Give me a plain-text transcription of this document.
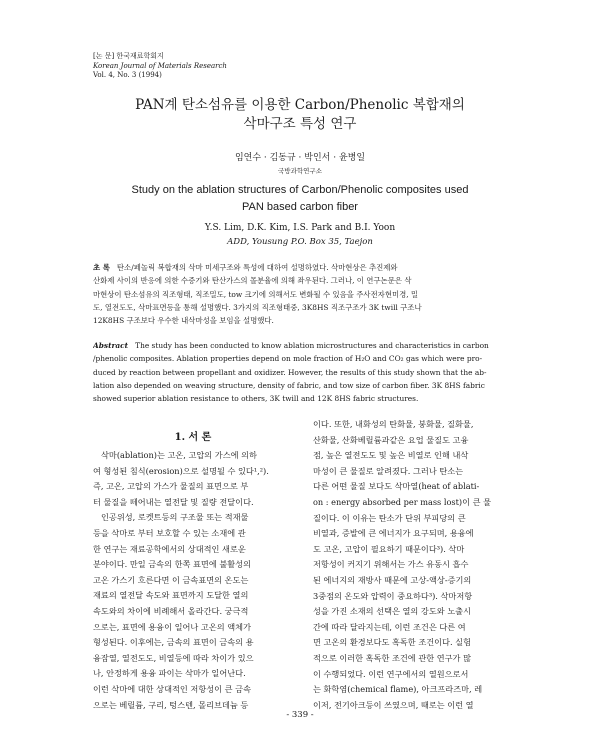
[논 문] 한국재료학회지
Korean Journal of Materials Research
Vol. 4, No. 3 (1994)
PAN계 탄소섬유를 이용한 Carbon/Phenolic 복합재의
삭마구조 특성 연구
임연수 · 김동규 · 박인서 · 윤병일
국방과학연구소
Study on the ablation structures of Carbon/Phenolic composites used
PAN based carbon fiber
Y.S. Lim, D.K. Kim, I.S. Park and B.I. Yoon
ADD, Yousung P.O. Box 35, Taejon
초 록 탄소/페놀릭 복합재의 삭마 미세구조와 특성에 대하여 설명하였다. 삭마현상은 추진제와
산화제 사이의 반응에 의한 수증기와 탄산가스의 몰분율에 의해 좌우된다. 그러나, 이 연구논문은 삭
마현상이 탄소섬유의 직조형태, 직조밀도, tow 크기에 의해서도 변화될 수 있음을 주사전자현미경, 밀
도, 열전도도, 삭마표면등을 통해 설명했다. 3가지의 직조형태중, 3K8HS 직조구조가 3K twill 구조나
12K8HS 구조보다 우수한 내삭마성을 보임을 설명했다.
Abstract The study has been conducted to know ablation microstructures and characteristics in carbon
/phenolic composites. Ablation properties depend on mole fraction of H₂O and CO₂ gas which were pro-
duced by reaction between propellant and oxidizer. However, the results of this study shown that the ab-
lation also depended on weaving structure, density of fabric, and tow size of carbon fiber. 3K 8HS fabric
showed superior ablation resistance to others, 3K twill and 12K 8HS fabric structures.
1. 서 론
삭마(ablation)는 고온, 고압의 가스에 의하
여 형성된 침식(erosion)으로 설명될 수 있다¹,²).
즉, 고온, 고압의 가스가 물질의 표면으로 부
터 물질을 떼어내는 열전달 및 질량 전달이다.
인공위성, 로켓트등의 구조물 또는 적재물
등을 삭마로 부터 보호할 수 있는 소재에 관
한 연구는 재료공학에서의 상대적인 새로운
분야이다. 만일 금속의 한쪽 표면에 불활성의
고온 가스기 흐른다면 이 금속표면의 온도는
재료의 열전달 속도와 표면까지 도달한 열의
속도와의 차이에 비례해서 올라간다. 궁극적
으로는, 표면에 용융이 일어나 고온의 액체가
형성된다. 이후에는, 금속의 표면이 금속의 용
융잠열, 열전도도, 비열등에 따라 차이가 있으
나, 안정하게 용융 파이는 삭마가 일어난다.
이런 삭마에 대한 상대적인 저항성이 큰 금속
으로는 베릴륨, 구리, 텅스텐, 몰리브데늄 등
이다. 또한, 내화성의 탄화물, 붕화물, 질화물,
산화물, 산화베릴륨과같은 요업 물질도 고융
점, 높은 열전도도 및 높은 비열로 인해 내삭
마성이 큰 물질로 알려졌다. 그러나 탄소는
다른 어떤 물질 보다도 삭마열(heat of ablati-
on : energy absorbed per mass lost)이 큰 물
질이다. 이 이유는 탄소가 단위 부피당의 큰
비열과, 증발에 큰 에너지가 요구되며, 용융에
도 고온, 고압이 필요하기 때문이다³). 삭마
저항성이 커지기 위해서는 가스 유동시 흡수
된 에너지의 재방사 때문에 고상-액상-증기의
3중점의 온도와 압력이 중요하다³). 삭마저항
성을 가진 소재의 선택은 열의 강도와 노출시
간에 따라 달라지는데, 이런 조건은 다른 여
면 고온의 환경보다도 혹독한 조건이다. 실험
적으로 이러한 혹독한 조건에 관한 연구가 많
이 수행되었다. 이런 연구에서의 열원으로서
는 화학염(chemical flame), 아크프라즈마, 레
이저, 전기아크등이 쓰였으며, 때로는 이런 열
- 339 -
